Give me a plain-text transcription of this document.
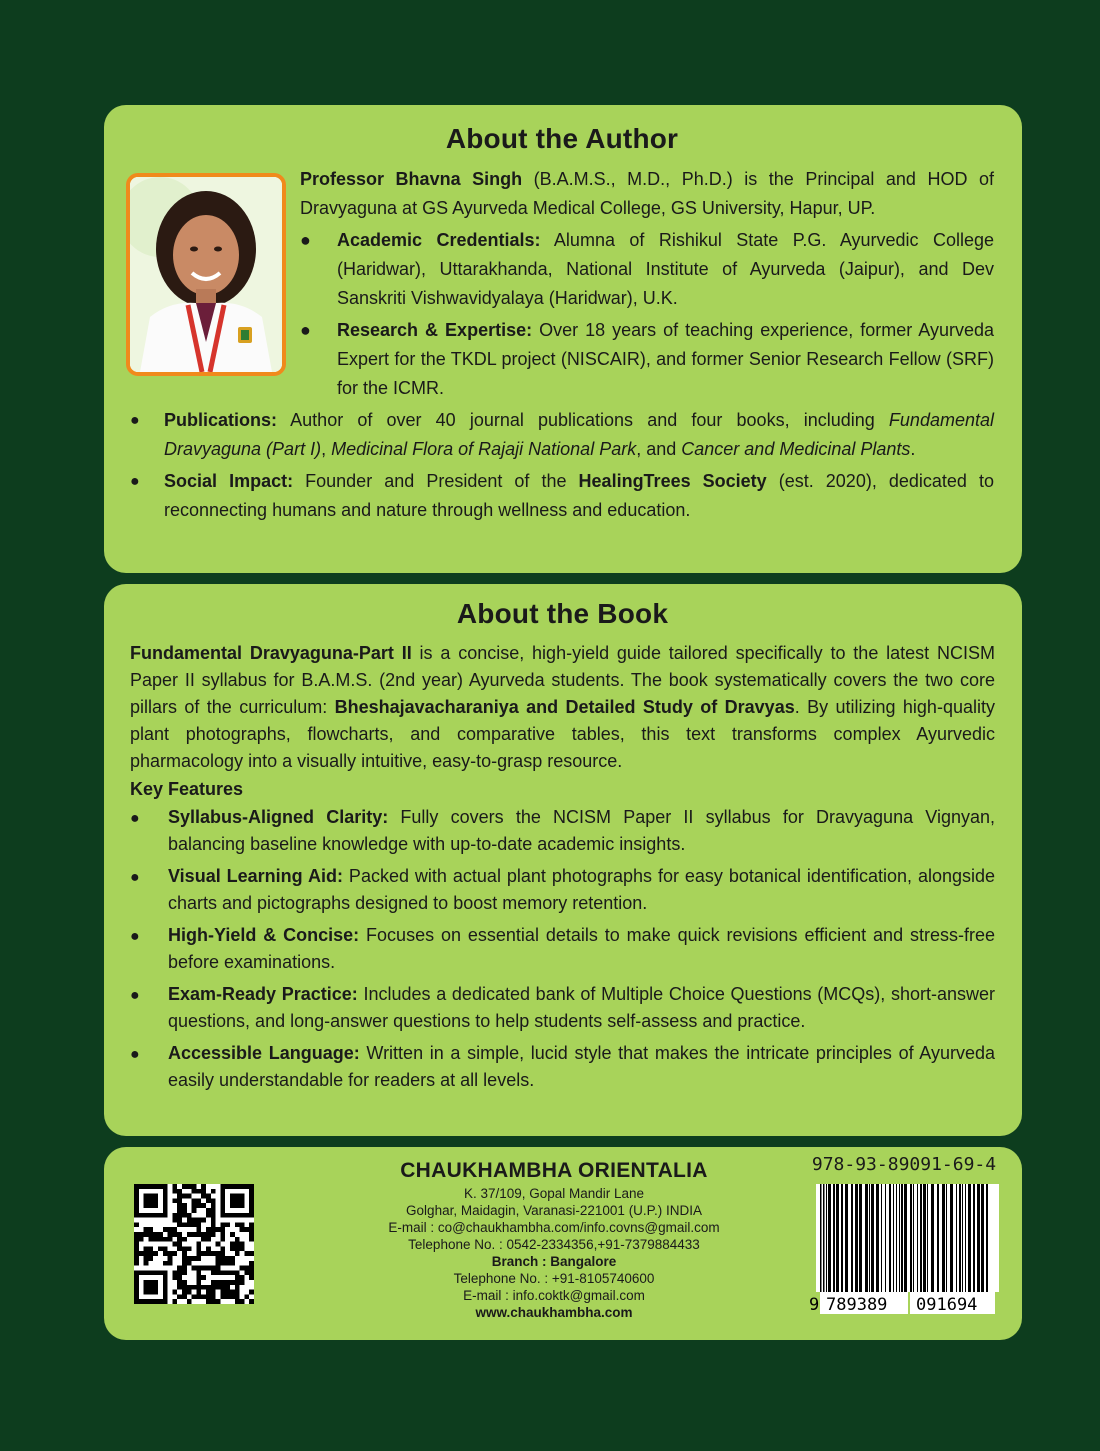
About the Author
Professor Bhavna Singh (B.A.M.S., M.D., Ph.D.) is the Principal and HOD of Dravyaguna at GS Ayurveda Medical College, GS University, Hapur, UP.
● Academic Credentials: Alumna of Rishikul State P.G. Ayurvedic College (Haridwar), Uttarakhanda, National Institute of Ayurveda (Jaipur), and Dev Sanskriti Vishwavidyalaya (Haridwar), U.K.
● Research & Expertise: Over 18 years of teaching experience, former Ayurveda Expert for the TKDL project (NISCAIR), and former Senior Research Fellow (SRF) for the ICMR.
● Publications: Author of over 40 journal publications and four books, including Fundamental Dravyaguna (Part I), Medicinal Flora of Rajaji National Park, and Cancer and Medicinal Plants.
● Social Impact: Founder and President of the HealingTrees Society (est. 2020), dedicated to reconnecting humans and nature through wellness and education.
About the Book
Fundamental Dravyaguna-Part II is a concise, high-yield guide tailored specifically to the latest NCISM Paper II syllabus for B.A.M.S. (2nd year) Ayurveda students. The book systematically covers the two core pillars of the curriculum: Bheshajavacharaniya and Detailed Study of Dravyas. By utilizing high-quality plant photographs, flowcharts, and comparative tables, this text transforms complex Ayurvedic pharmacology into a visually intuitive, easy-to-grasp resource.
Key Features
● Syllabus-Aligned Clarity: Fully covers the NCISM Paper II syllabus for Dravyaguna Vignyan, balancing baseline knowledge with up-to-date academic insights.
● Visual Learning Aid: Packed with actual plant photographs for easy botanical identification, alongside charts and pictographs designed to boost memory retention.
● High-Yield & Concise: Focuses on essential details to make quick revisions efficient and stress-free before examinations.
● Exam-Ready Practice: Includes a dedicated bank of Multiple Choice Questions (MCQs), short-answer questions, and long-answer questions to help students self-assess and practice.
● Accessible Language: Written in a simple, lucid style that makes the intricate principles of Ayurveda easily understandable for readers at all levels.
CHAUKHAMBHA ORIENTALIA
K. 37/109, Gopal Mandir Lane
Golghar, Maidagin, Varanasi-221001 (U.P.) INDIA
E-mail : co@chaukhambha.com/info.covns@gmail.com
Telephone No. : 0542-2334356,+91-7379884433
Branch : Bangalore
Telephone No. : +91-8105740600
E-mail : info.coktk@gmail.com
www.chaukhambha.com
978-93-89091-69-4
9 789389 091694
